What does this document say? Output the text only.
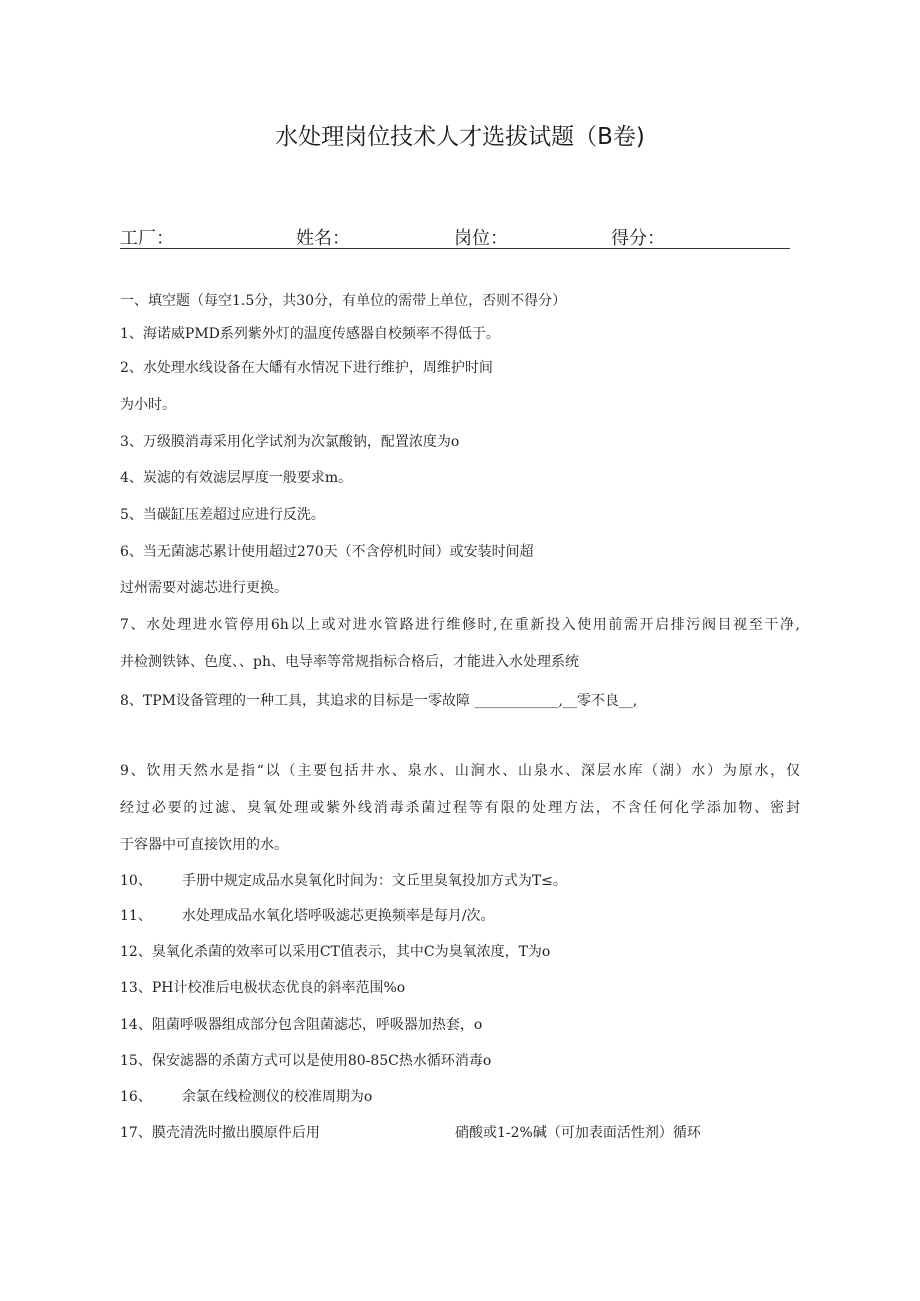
水处理岗位技术人才选拔试题（B卷)
工厂：	姓名：	岗位：	得分：
一、填空题（每空1.5分，共30分，有单位的需带上单位，否则不得分）
1、海诺威PMD系列紫外灯的温度传感器自校频率不得低于。
2、水处理水线设备在大皤有水情况下进行维护，周维护时间
为小时。
3、万级膜消毒采用化学试剂为次氯酸钠，配置浓度为o
4、炭滤的有效滤层厚度一般要求m。
5、当碳缸压差超过应进行反洗。
6、当无菌滤芯累计使用超过270天（不含停机时间）或安装时间超
过州需要对滤芯进行更换。
7、水处理进水管停用6h以上或对进水管路进行维修时,在重新投入使用前需开启排污阀目视至干净,
并检测铁钵、色度、、ph、电导率等常规指标合格后，才能进入水处理系统
8、TPM设备管理的一种工具，其追求的目标是一零故障 ____________,__零不良__,
9、饮用天然水是指“以（主要包括井水、泉水、山涧水、山泉水、深层水库（湖）水）为原水，仅
经过必要的过滤、臭氧处理或紫外线消毒杀菌过程等有限的处理方法，不含任何化学添加物、密封
于容器中可直接饮用的水。
10、 手册中规定成品水臭氧化时间为：文丘里臭氧投加方式为T≤。
11、 水处理成品水氧化塔呼吸滤芯更换频率是每月/次。
12、臭氧化杀菌的效率可以采用CT值表示，其中C为臭氧浓度，T为o
13、PH计校准后电极状态优良的斜率范围%o
14、阻菌呼吸器组成部分包含阻菌滤芯，呼吸器加热套，o
15、保安滤器的杀菌方式可以是使用80-85C热水循环消毒o
16、 余氯在线检测仪的校准周期为o
17、膜壳清洗时撤出膜原件后用	硝酸或1-2%碱（可加表面活性剂）循环
